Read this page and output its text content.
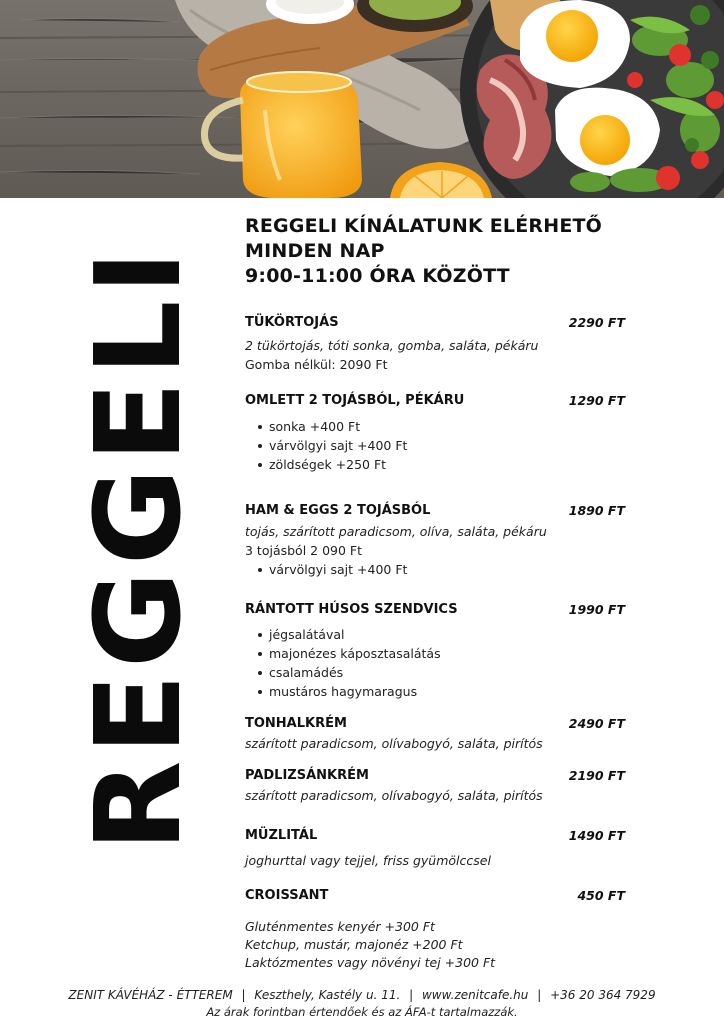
REGGELI
REGGELI KÍNÁLATUNK ELÉRHETŐ
MINDEN NAP
9:00-11:00 ÓRA KÖZÖTT
TÜKÖRTOJÁS	2290 FT
2 tükörtojás, tóti sonka, gomba, saláta, pékáru
Gomba nélkül: 2090 Ft
OMLETT 2 TOJÁSBÓL, PÉKÁRU	1290 FT
sonka +400 Ft
várvölgyi sajt +400 Ft
zöldségek +250 Ft
HAM & EGGS 2 TOJÁSBÓL	1890 FT
tojás, szárított paradicsom, olíva, saláta, pékáru
3 tojásból 2 090 Ft
várvölgyi sajt +400 Ft
RÁNTOTT HÚSOS SZENDVICS	1990 FT
jégsalátával
majonézes káposztasalátás
csalamádés
mustáros hagymaragus
TONHALKRÉM	2490 FT
szárított paradicsom, olívabogyó, saláta, pirítós
PADLIZSÁNKRÉM	2190 FT
szárított paradicsom, olívabogyó, saláta, pirítós
MÜZLITÁL	1490 FT
joghurttal vagy tejjel, friss gyümölccsel
CROISSANT	450 FT
Gluténmentes kenyér +300 Ft
Ketchup, mustár, majonéz +200 Ft
Laktózmentes vagy növényi tej +300 Ft
ZENIT KÁVÉHÁZ - ÉTTEREM | Keszthely, Kastély u. 11. | www.zenitcafe.hu | +36 20 364 7929
Az árak forintban értendőek és az ÁFA-t tartalmazzák.
